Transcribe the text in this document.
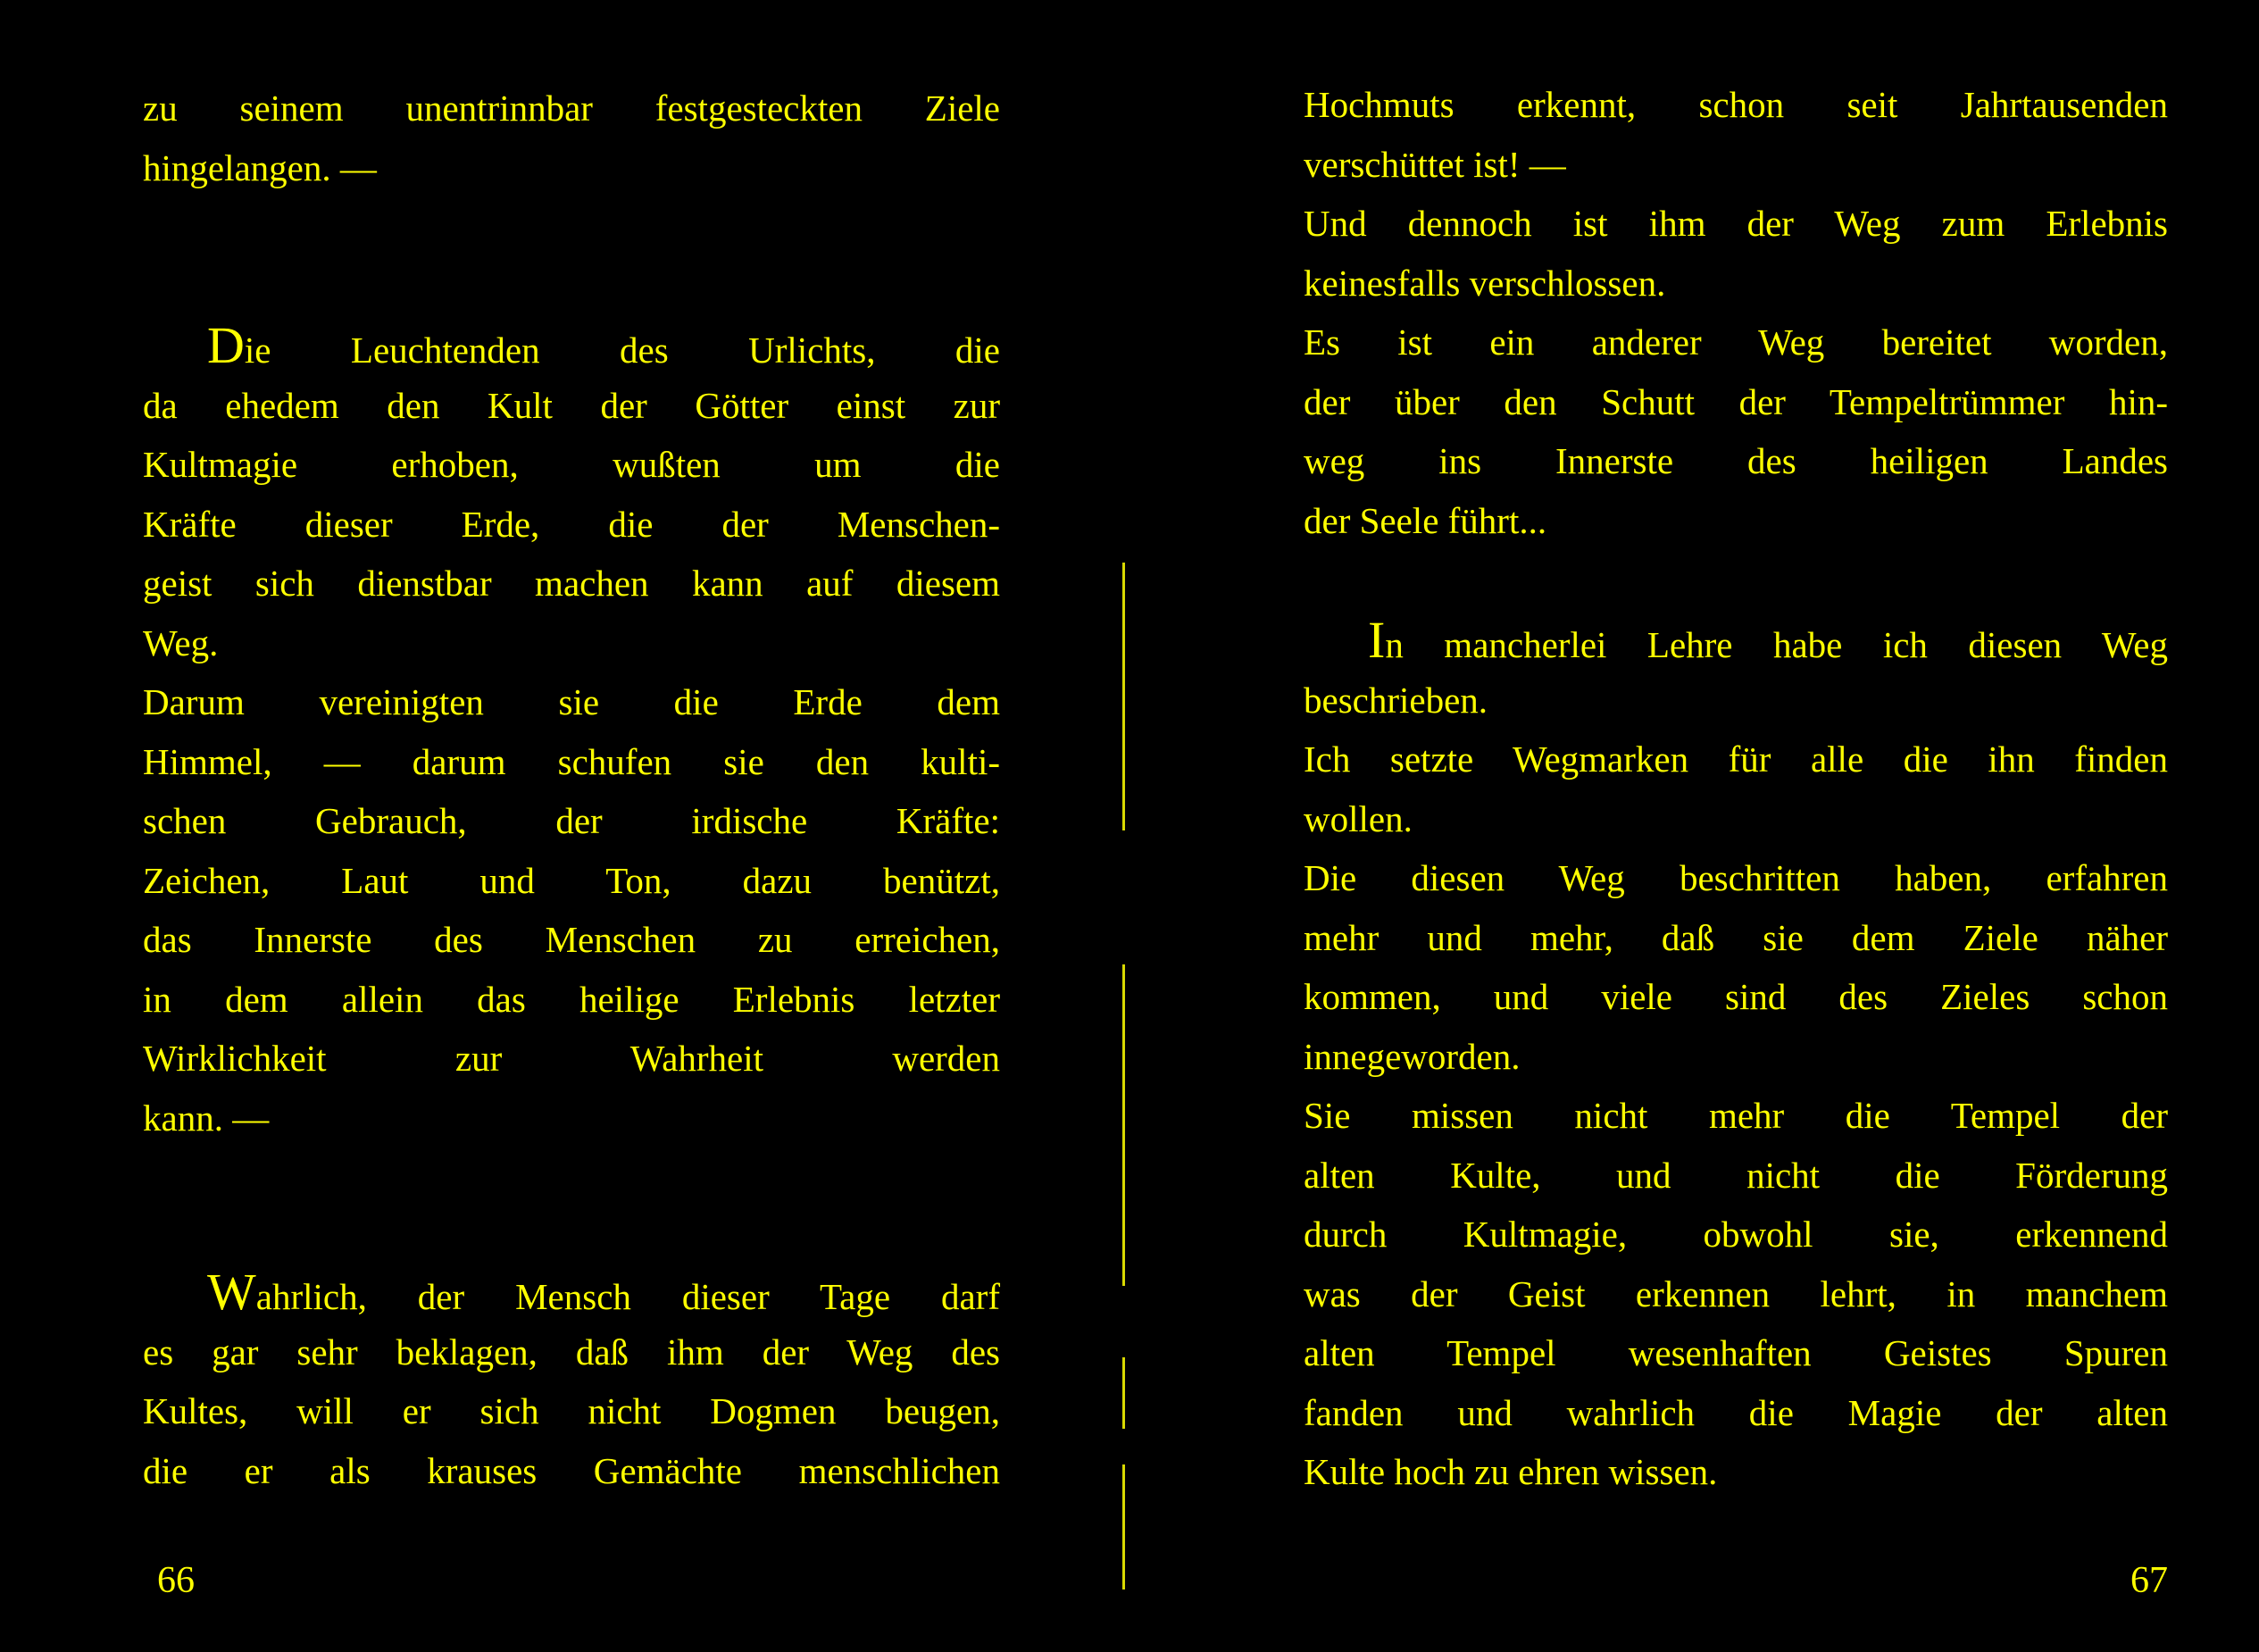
zu seinem unentrinnbar festgesteckten Ziele
hingelangen. —
Die Leuchtenden des Urlichts, die
da ehedem den Kult der Götter einst zur
Kultmagie erhoben, wußten um die
Kräfte dieser Erde, die der Menschen-
geist sich dienstbar machen kann auf diesem
Weg.
Darum vereinigten sie die Erde dem
Himmel, — darum schufen sie den kulti-
schen Gebrauch, der irdische Kräfte:
Zeichen, Laut und Ton, dazu benützt,
das Innerste des Menschen zu erreichen,
in dem allein das heilige Erlebnis letzter
Wirklichkeit zur Wahrheit werden
kann. —
Wahrlich, der Mensch dieser Tage darf
es gar sehr beklagen, daß ihm der Weg des
Kultes, will er sich nicht Dogmen beugen,
die er als krauses Gemächte menschlichen
66
Hochmuts erkennt, schon seit Jahrtausenden
verschüttet ist! —
Und dennoch ist ihm der Weg zum Erlebnis
keinesfalls verschlossen.
Es ist ein anderer Weg bereitet worden,
der über den Schutt der Tempeltrümmer hin-
weg ins Innerste des heiligen Landes
der Seele führt...
In mancherlei Lehre habe ich diesen Weg
beschrieben.
Ich setzte Wegmarken für alle die ihn finden
wollen.
Die diesen Weg beschritten haben, erfahren
mehr und mehr, daß sie dem Ziele näher
kommen, und viele sind des Zieles schon
innegeworden.
Sie missen nicht mehr die Tempel der
alten Kulte, und nicht die Förderung
durch Kultmagie, obwohl sie, erkennend
was der Geist erkennen lehrt, in manchem
alten Tempel wesenhaften Geistes Spuren
fanden und wahrlich die Magie der alten
Kulte hoch zu ehren wissen.
67
